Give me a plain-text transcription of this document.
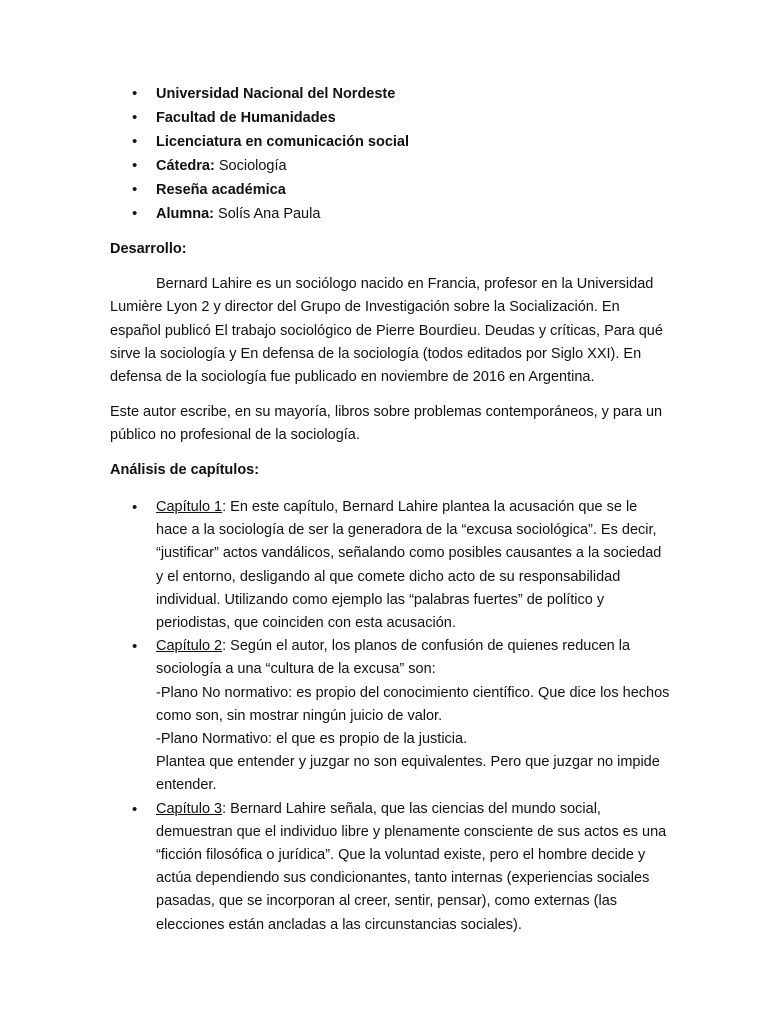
• Universidad Nacional del Nordeste
• Facultad de Humanidades
• Licenciatura en comunicación social
• Cátedra: Sociología
• Reseña académica
• Alumna: Solís Ana Paula
Desarrollo:

Bernard Lahire es un sociólogo nacido en Francia, profesor en la Universidad Lumière Lyon 2 y director del Grupo de Investigación sobre la Socialización. En español publicó El trabajo sociológico de Pierre Bourdieu. Deudas y críticas, Para qué sirve la sociología y En defensa de la sociología (todos editados por Siglo XXI). En defensa de la sociología fue publicado en noviembre de 2016 en Argentina.

Este autor escribe, en su mayoría, libros sobre problemas contemporáneos, y para un público no profesional de la sociología.

Análisis de capítulos:
• Capítulo 1: En este capítulo, Bernard Lahire plantea la acusación que se le hace a la sociología de ser la generadora de la “excusa sociológica”. Es decir, “justificar” actos vandálicos, señalando como posibles causantes a la sociedad y el entorno, desligando al que comete dicho acto de su responsabilidad individual. Utilizando como ejemplo las “palabras fuertes” de político y periodistas, que coinciden con esta acusación.
• Capítulo 2: Según el autor, los planos de confusión de quienes reducen la sociología a una “cultura de la excusa” son:
-Plano No normativo: es propio del conocimiento científico. Que dice los hechos como son, sin mostrar ningún juicio de valor.
-Plano Normativo: el que es propio de la justicia.
Plantea que entender y juzgar no son equivalentes. Pero que juzgar no impide entender.
• Capítulo 3: Bernard Lahire señala, que las ciencias del mundo social, demuestran que el individuo libre y plenamente consciente de sus actos es una “ficción filosófica o jurídica”. Que la voluntad existe, pero el hombre decide y actúa dependiendo sus condicionantes, tanto internas (experiencias sociales pasadas, que se incorporan al creer, sentir, pensar), como externas (las elecciones están ancladas a las circunstancias sociales).
